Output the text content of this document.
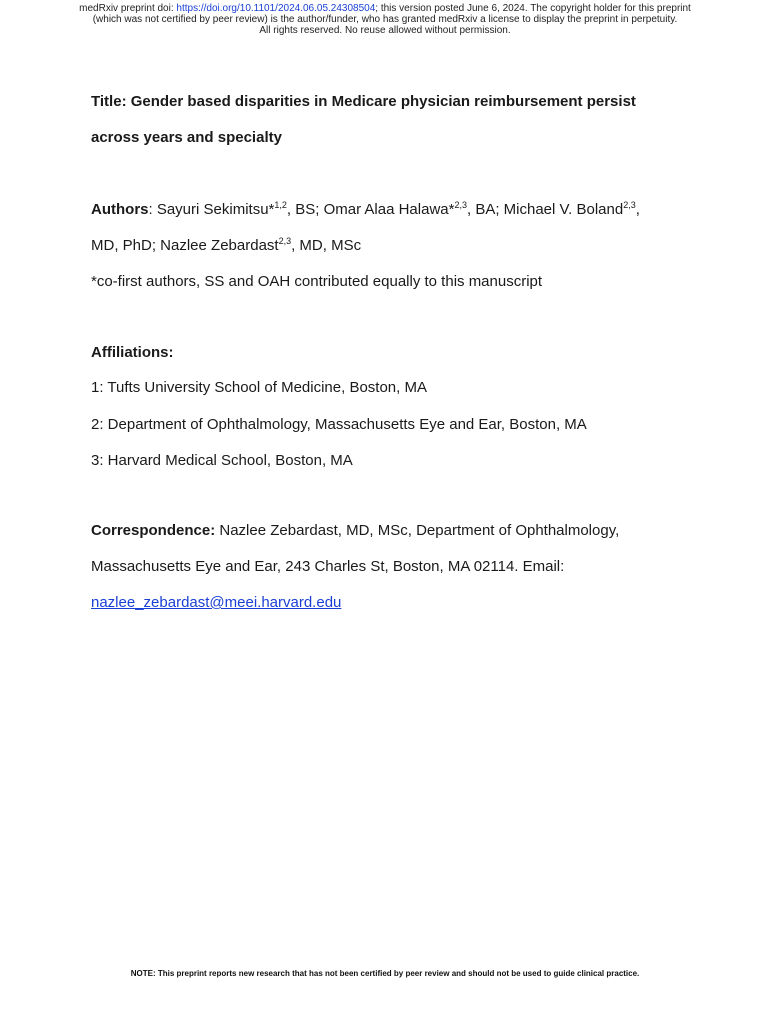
medRxiv preprint doi: https://doi.org/10.1101/2024.06.05.24308504; this version posted June 6, 2024. The copyright holder for this preprint
(which was not certified by peer review) is the author/funder, who has granted medRxiv a license to display the preprint in perpetuity.
All rights reserved. No reuse allowed without permission.
Title: Gender based disparities in Medicare physician reimbursement persist
across years and specialty
Authors: Sayuri Sekimitsu*$^{1,2}$, BS; Omar Alaa Halawa*$^{2,3}$, BA; Michael V. Boland$^{2,3}$,
MD, PhD; Nazlee Zebardast$^{2,3}$, MD, MSc
*co-first authors, SS and OAH contributed equally to this manuscript
Affiliations:
1: Tufts University School of Medicine, Boston, MA
2: Department of Ophthalmology, Massachusetts Eye and Ear, Boston, MA
3: Harvard Medical School, Boston, MA
Correspondence: Nazlee Zebardast, MD, MSc, Department of Ophthalmology,
Massachusetts Eye and Ear, 243 Charles St, Boston, MA 02114. Email:
nazlee_zebardast@meei.harvard.edu
NOTE: This preprint reports new research that has not been certified by peer review and should not be used to guide clinical practice.
